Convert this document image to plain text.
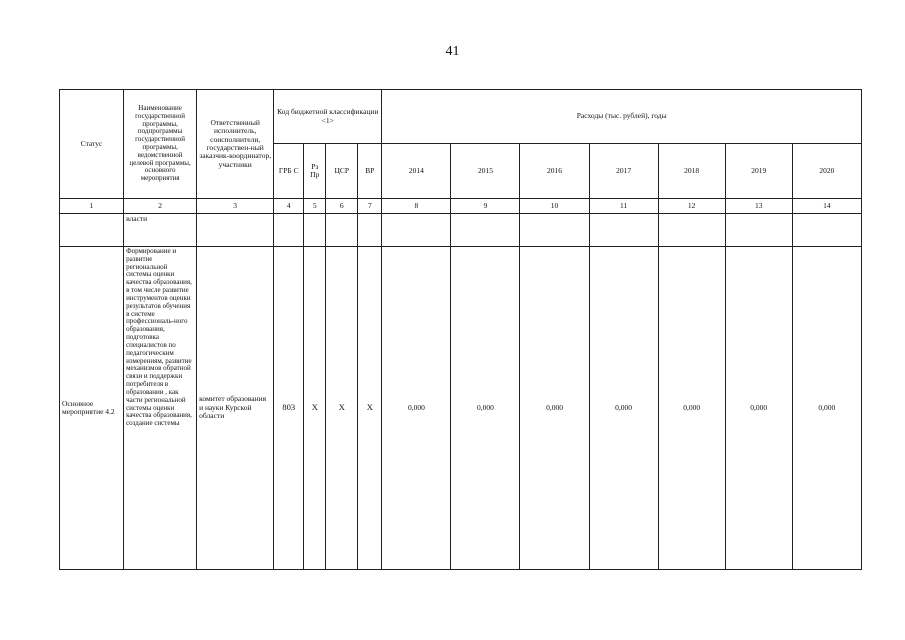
41
Статус	Наименование государственной программы, подпрограммы государственной программы, ведомственной целевой программы, основного мероприятия	Ответственный исполнитель, соисполнители, государствен-ный заказчик-координатор, участники	Код бюджетной классификации <1>				Расходы (тыс. рублей), годы						
			ГРБ С	Рз Пр	ЦСР	ВР	2014	2015	2016	2017	2018	2019	2020
1	2	3	4	5	6	7	8	9	10	11	12	13	14
	власти												
Основное мероприятие 4.2	Формирование и развитие региональной системы оценки качества образования, в том числе развитие инструментов оценки результатов обучения в системе профессиональ-ного образования, подготовка специалистов по педагогическим измерениям, развитие механизмов обратной связи и поддержки потребителя в образовании , как части региональной системы оценки качества образования, создание системы	комитет образования и науки Курской области	803	X	X	X	0,000	0,000	0,000	0,000	0,000	0,000	0,000
